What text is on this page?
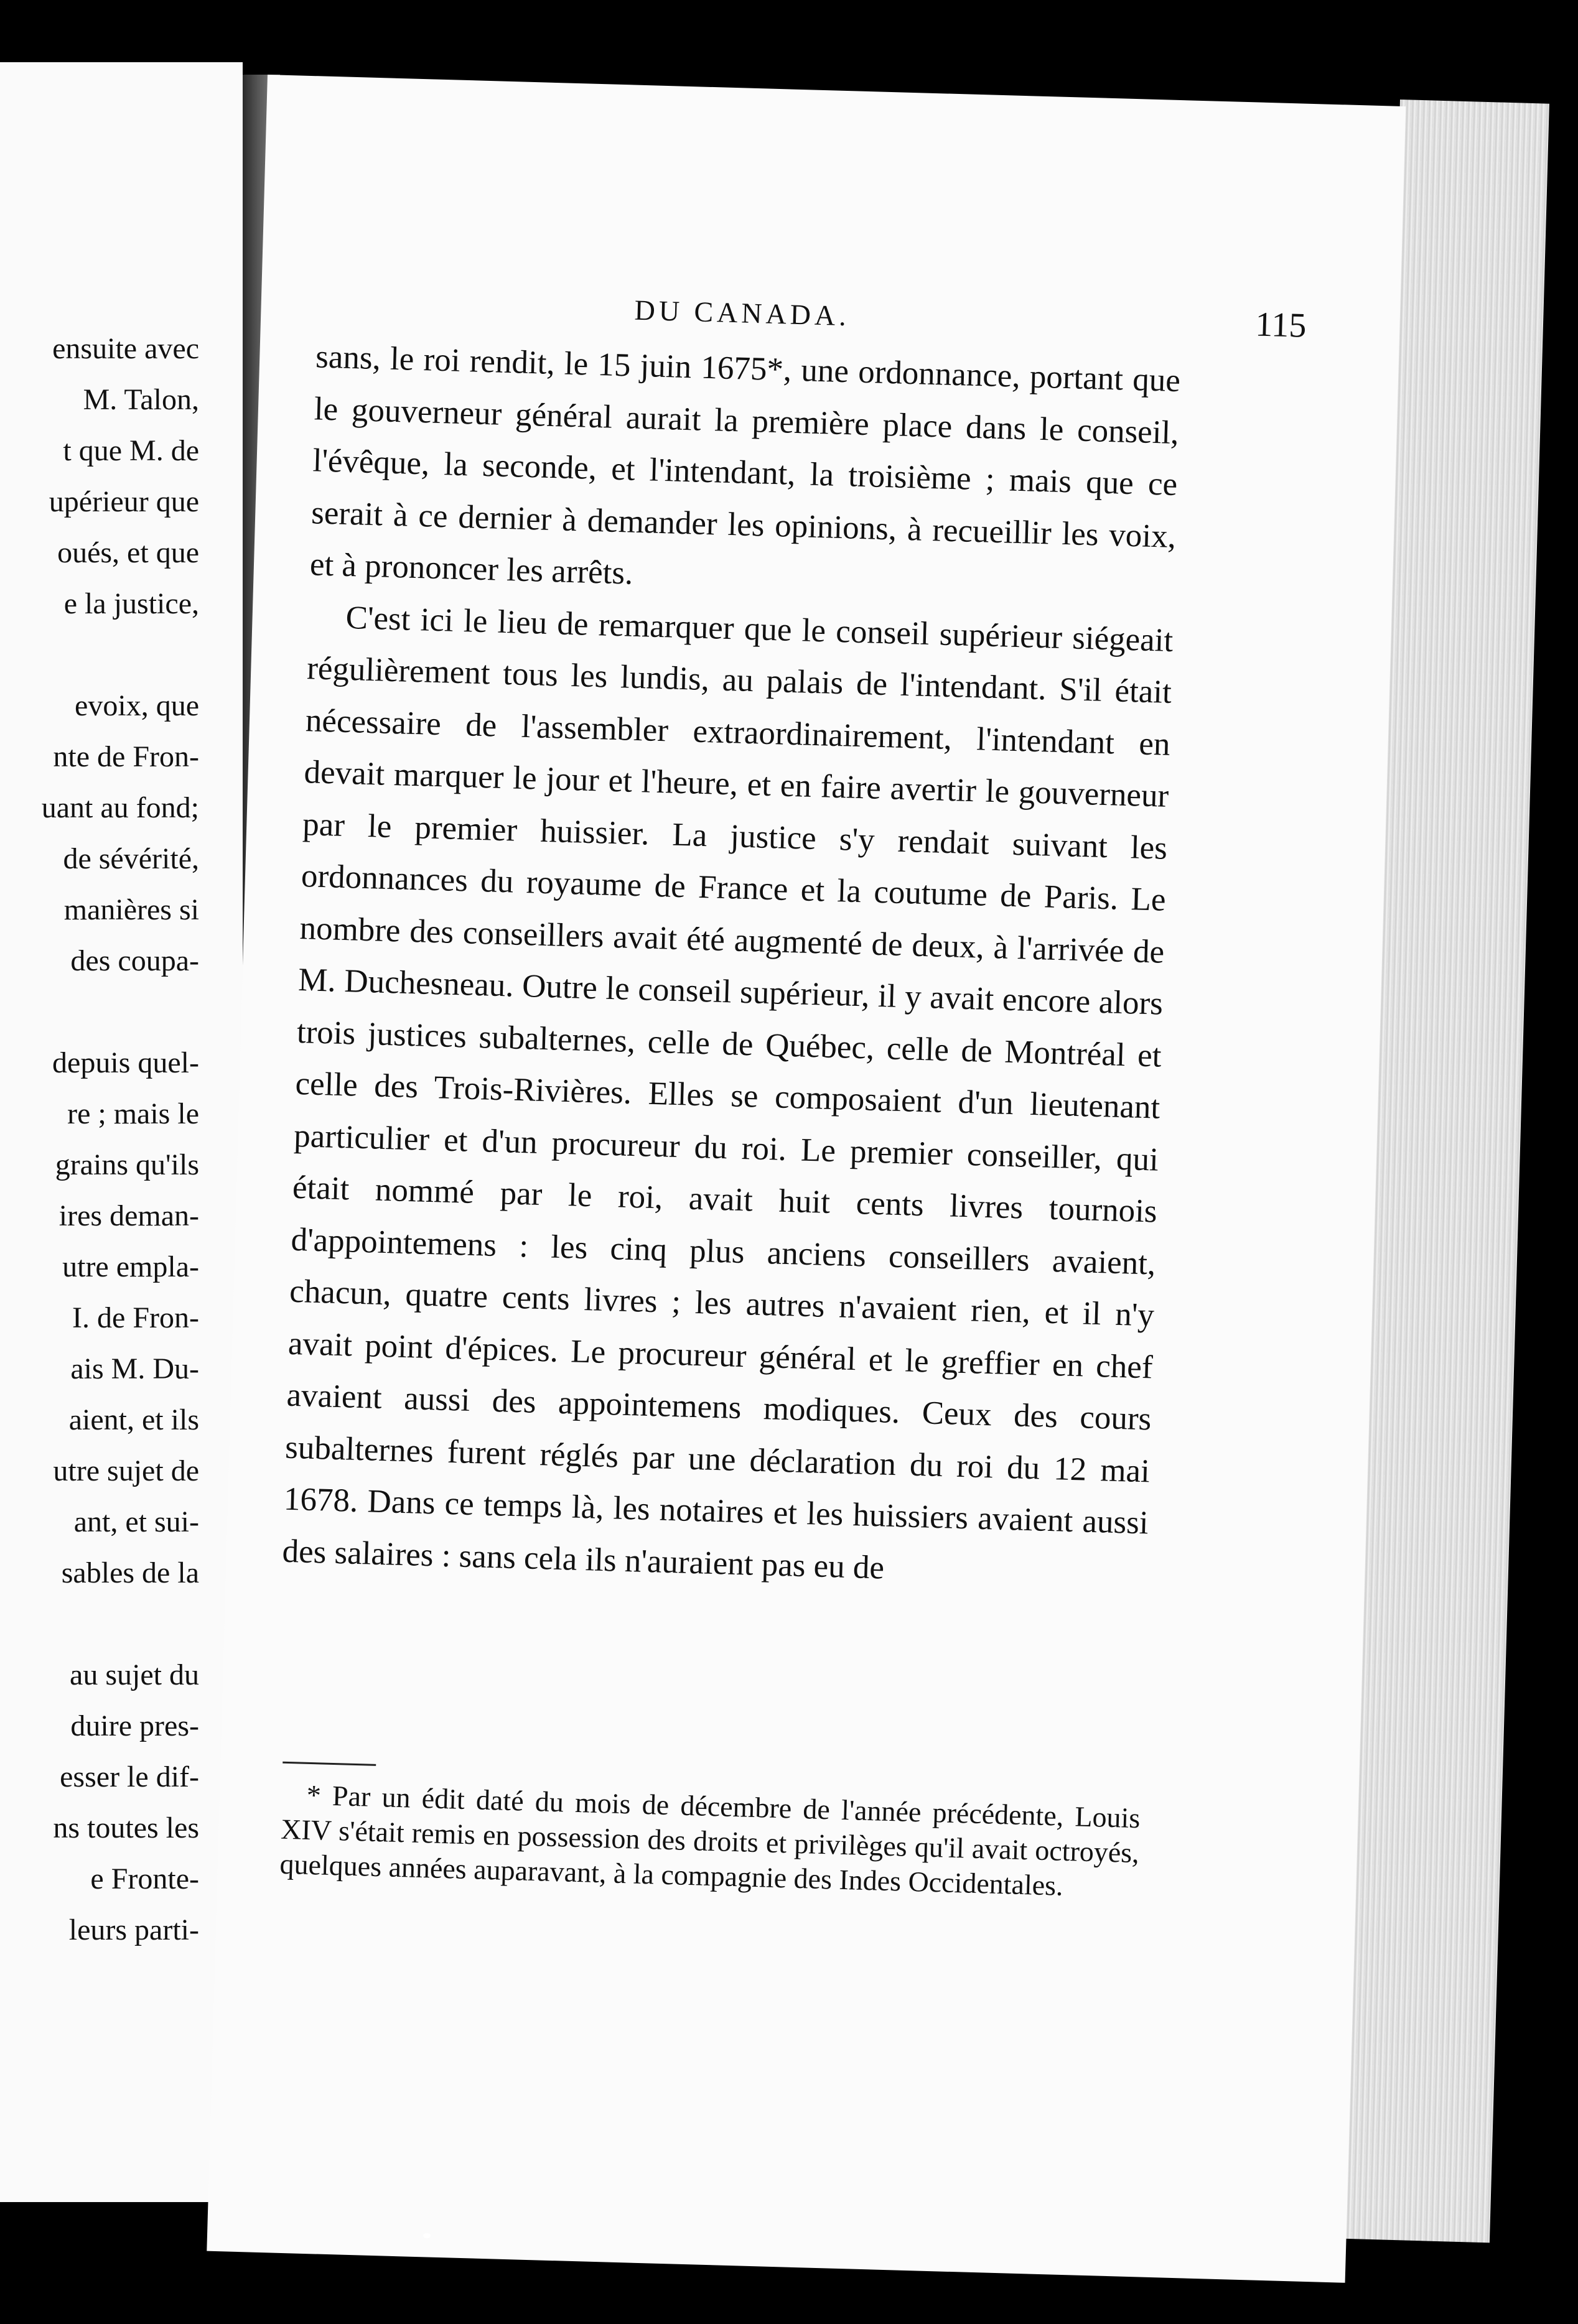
ensuite avec
M. Talon,
t que M. de
upérieur que
oués, et que
e la justice,

evoix, que
nte de Fron-
uant au fond;
de sévérité,
manières si
des coupa-

depuis quel-
re ; mais le
grains qu'ils
ires deman-
utre empla-
I. de Fron-
ais M. Du-
aient, et ils
utre sujet de
ant, et sui-
sables de la

au sujet du
duire pres-
esser le dif-
ns toutes les
e Fronte-
leurs parti-
DU CANADA.	115

sans, le roi rendit, le 15 juin 1675*, une ordonnance, portant que le gouverneur général aurait la première place dans le conseil, l'évêque, la seconde, et l'intendant, la troisième ; mais que ce serait à ce dernier à demander les opinions, à recueillir les voix, et à prononcer les arrêts.

C'est ici le lieu de remarquer que le conseil supérieur siégeait régulièrement tous les lundis, au palais de l'intendant. S'il était nécessaire de l'assembler extraordinairement, l'intendant en devait marquer le jour et l'heure, et en faire avertir le gouverneur par le premier huissier. La justice s'y rendait suivant les ordonnances du royaume de France et la coutume de Paris. Le nombre des conseillers avait été augmenté de deux, à l'arrivée de M. Duchesneau. Outre le conseil supérieur, il y avait encore alors trois justices subalternes, celle de Québec, celle de Montréal et celle des Trois-Rivières. Elles se composaient d'un lieutenant particulier et d'un procureur du roi. Le premier conseiller, qui était nommé par le roi, avait huit cents livres tournois d'appointemens : les cinq plus anciens conseillers avaient, chacun, quatre cents livres ; les autres n'avaient rien, et il n'y avait point d'épices. Le procureur général et le greffier en chef avaient aussi des appointemens modiques. Ceux des cours subalternes furent réglés par une déclaration du roi du 12 mai 1678. Dans ce temps là, les notaires et les huissiers avaient aussi des salaires : sans cela ils n'auraient pas eu de

* Par un édit daté du mois de décembre de l'année précédente, Louis XIV s'était remis en possession des droits et privilèges qu'il avait octroyés, quelques années auparavant, à la compagnie des Indes Occidentales.
